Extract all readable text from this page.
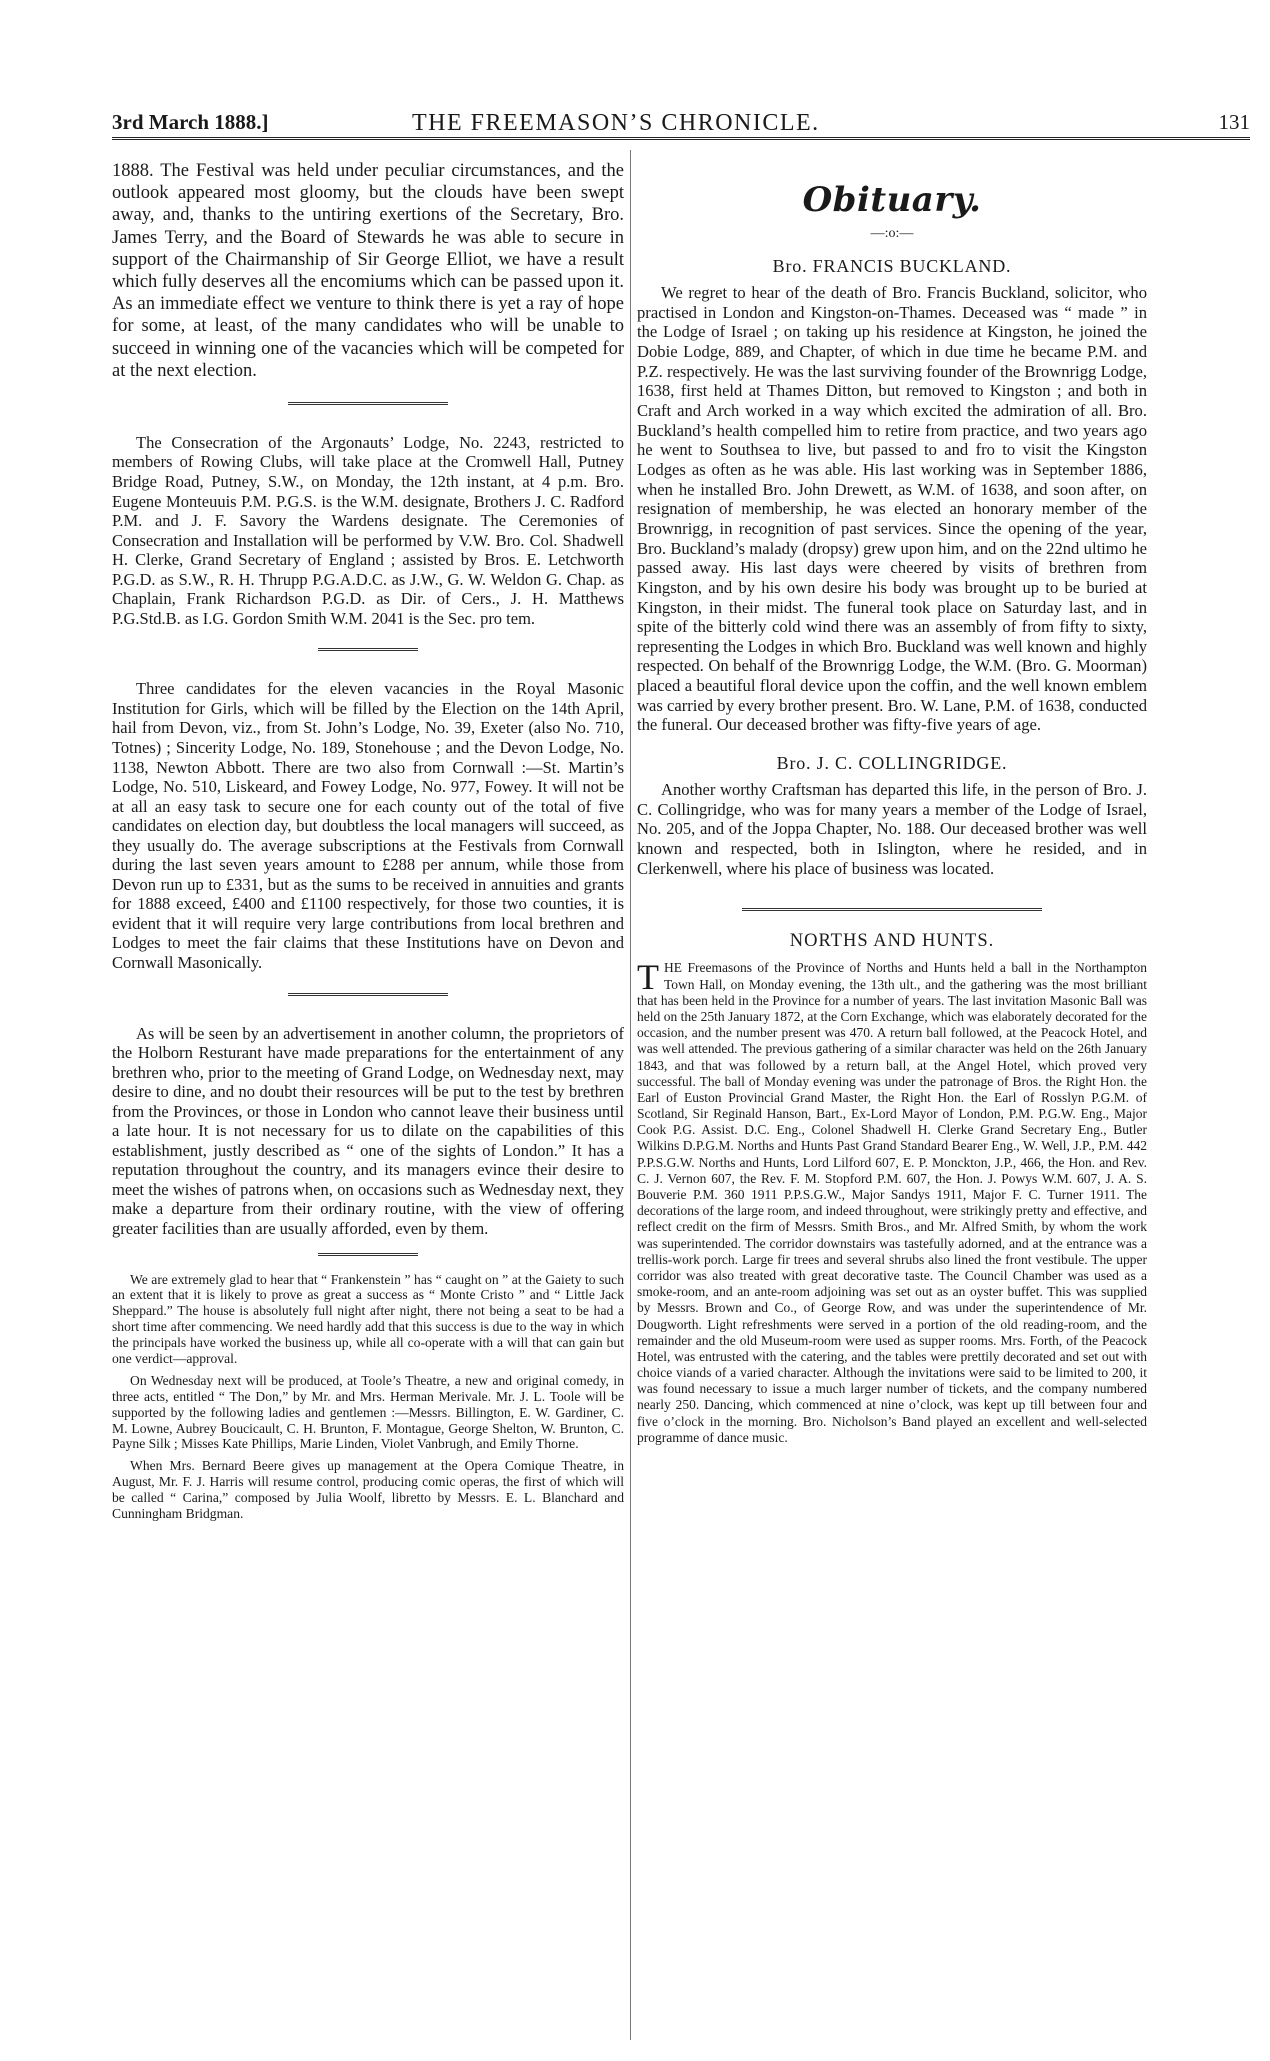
3rd March 1888.]	THE FREEMASON’S CHRONICLE.	131

1888. The Festival was held under peculiar circumstances, and the outlook appeared most gloomy, but the clouds have been swept away, and, thanks to the untiring exertions of the Secretary, Bro. James Terry, and the Board of Stewards he was able to secure in support of the Chairmanship of Sir George Elliot, we have a result which fully deserves all the encomiums which can be passed upon it. As an immediate effect we venture to think there is yet a ray of hope for some, at least, of the many candidates who will be unable to succeed in winning one of the vacancies which will be competed for at the next election.

The Consecration of the Argonauts’ Lodge, No. 2243, restricted to members of Rowing Clubs, will take place at the Cromwell Hall, Putney Bridge Road, Putney, S.W., on Monday, the 12th instant, at 4 p.m. Bro. Eugene Monteuuis P.M. P.G.S. is the W.M. designate, Brothers J. C. Radford P.M. and J. F. Savory the Wardens designate. The Ceremonies of Consecration and Installation will be performed by V.W. Bro. Col. Shadwell H. Clerke, Grand Secretary of England ; assisted by Bros. E. Letchworth P.G.D. as S.W., R. H. Thrupp P.G.A.D.C. as J.W., G. W. Weldon G. Chap. as Chaplain, Frank Richardson P.G.D. as Dir. of Cers., J. H. Matthews P.G.Std.B. as I.G. Gordon Smith W.M. 2041 is the Sec. pro tem.

Three candidates for the eleven vacancies in the Royal Masonic Institution for Girls, which will be filled by the Election on the 14th April, hail from Devon, viz., from St. John’s Lodge, No. 39, Exeter (also No. 710, Totnes) ; Sincerity Lodge, No. 189, Stonehouse ; and the Devon Lodge, No. 1138, Newton Abbott. There are two also from Cornwall :—St. Martin’s Lodge, No. 510, Liskeard, and Fowey Lodge, No. 977, Fowey. It will not be at all an easy task to secure one for each county out of the total of five candidates on election day, but doubtless the local managers will succeed, as they usually do. The average subscriptions at the Festivals from Cornwall during the last seven years amount to £288 per annum, while those from Devon run up to £331, but as the sums to be received in annuities and grants for 1888 exceed, £400 and £1100 respectively, for those two counties, it is evident that it will require very large contributions from local brethren and Lodges to meet the fair claims that these Institutions have on Devon and Cornwall Masonically.

As will be seen by an advertisement in another column, the proprietors of the Holborn Resturant have made preparations for the entertainment of any brethren who, prior to the meeting of Grand Lodge, on Wednesday next, may desire to dine, and no doubt their resources will be put to the test by brethren from the Provinces, or those in London who cannot leave their business until a late hour. It is not necessary for us to dilate on the capabilities of this establishment, justly described as “ one of the sights of London.” It has a reputation throughout the country, and its managers evince their desire to meet the wishes of patrons when, on occasions such as Wednesday next, they make a departure from their ordinary routine, with the view of offering greater facilities than are usually afforded, even by them.

We are extremely glad to hear that “ Frankenstein ” has “ caught on ” at the Gaiety to such an extent that it is likely to prove as great a success as “ Monte Cristo ” and “ Little Jack Sheppard.” The house is absolutely full night after night, there not being a seat to be had a short time after commencing. We need hardly add that this success is due to the way in which the principals have worked the business up, while all co-operate with a will that can gain but one verdict—approval.

On Wednesday next will be produced, at Toole’s Theatre, a new and original comedy, in three acts, entitled “ The Don,” by Mr. and Mrs. Herman Merivale. Mr. J. L. Toole will be supported by the following ladies and gentlemen :—Messrs. Billington, E. W. Gardiner, C. M. Lowne, Aubrey Boucicault, C. H. Brunton, F. Montague, George Shelton, W. Brunton, C. Payne Silk ; Misses Kate Phillips, Marie Linden, Violet Vanbrugh, and Emily Thorne.

When Mrs. Bernard Beere gives up management at the Opera Comique Theatre, in August, Mr. F. J. Harris will resume control, producing comic operas, the first of which will be called “ Carina,” composed by Julia Woolf, libretto by Messrs. E. L. Blanchard and Cunningham Bridgman.

Obituary.
—:o:—
Bro. FRANCIS BUCKLAND.

We regret to hear of the death of Bro. Francis Buckland, solicitor, who practised in London and Kingston-on-Thames. Deceased was “ made ” in the Lodge of Israel ; on taking up his residence at Kingston, he joined the Dobie Lodge, 889, and Chapter, of which in due time he became P.M. and P.Z. respectively. He was the last surviving founder of the Brownrigg Lodge, 1638, first held at Thames Ditton, but removed to Kingston ; and both in Craft and Arch worked in a way which excited the admiration of all. Bro. Buckland’s health compelled him to retire from practice, and two years ago he went to Southsea to live, but passed to and fro to visit the Kingston Lodges as often as he was able. His last working was in September 1886, when he installed Bro. John Drewett, as W.M. of 1638, and soon after, on resignation of membership, he was elected an honorary member of the Brownrigg, in recognition of past services. Since the opening of the year, Bro. Buckland’s malady (dropsy) grew upon him, and on the 22nd ultimo he passed away. His last days were cheered by visits of brethren from Kingston, and by his own desire his body was brought up to be buried at Kingston, in their midst. The funeral took place on Saturday last, and in spite of the bitterly cold wind there was an assembly of from fifty to sixty, representing the Lodges in which Bro. Buckland was well known and highly respected. On behalf of the Brownrigg Lodge, the W.M. (Bro. G. Moorman) placed a beautiful floral device upon the coffin, and the well known emblem was carried by every brother present. Bro. W. Lane, P.M. of 1638, conducted the funeral. Our deceased brother was fifty-five years of age.

Bro. J. C. COLLINGRIDGE.

Another worthy Craftsman has departed this life, in the person of Bro. J. C. Collingridge, who was for many years a member of the Lodge of Israel, No. 205, and of the Joppa Chapter, No. 188. Our deceased brother was well known and respected, both in Islington, where he resided, and in Clerkenwell, where his place of business was located.

NORTHS AND HUNTS.

THE Freemasons of the Province of Norths and Hunts held a ball in the Northampton Town Hall, on Monday evening, the 13th ult., and the gathering was the most brilliant that has been held in the Province for a number of years. The last invitation Masonic Ball was held on the 25th January 1872, at the Corn Exchange, which was elaborately decorated for the occasion, and the number present was 470. A return ball followed, at the Peacock Hotel, and was well attended. The previous gathering of a similar character was held on the 26th January 1843, and that was followed by a return ball, at the Angel Hotel, which proved very successful. The ball of Monday evening was under the patronage of Bros. the Right Hon. the Earl of Euston Provincial Grand Master, the Right Hon. the Earl of Rosslyn P.G.M. of Scotland, Sir Reginald Hanson, Bart., Ex-Lord Mayor of London, P.M. P.G.W. Eng., Major Cook P.G. Assist. D.C. Eng., Colonel Shadwell H. Clerke Grand Secretary Eng., Butler Wilkins D.P.G.M. Norths and Hunts Past Grand Standard Bearer Eng., W. Well, J.P., P.M. 442 P.P.S.G.W. Norths and Hunts, Lord Lilford 607, E. P. Monckton, J.P., 466, the Hon. and Rev. C. J. Vernon 607, the Rev. F. M. Stopford P.M. 607, the Hon. J. Powys W.M. 607, J. A. S. Bouverie P.M. 360 1911 P.P.S.G.W., Major Sandys 1911, Major F. C. Turner 1911. The decorations of the large room, and indeed throughout, were strikingly pretty and effective, and reflect credit on the firm of Messrs. Smith Bros., and Mr. Alfred Smith, by whom the work was superintended. The corridor downstairs was tastefully adorned, and at the entrance was a trellis-work porch. Large fir trees and several shrubs also lined the front vestibule. The upper corridor was also treated with great decorative taste. The Council Chamber was used as a smoke-room, and an ante-room adjoining was set out as an oyster buffet. This was supplied by Messrs. Brown and Co., of George Row, and was under the superintendence of Mr. Dougworth. Light refreshments were served in a portion of the old reading-room, and the remainder and the old Museum-room were used as supper rooms. Mrs. Forth, of the Peacock Hotel, was entrusted with the catering, and the tables were prettily decorated and set out with choice viands of a varied character. Although the invitations were said to be limited to 200, it was found necessary to issue a much larger number of tickets, and the company numbered nearly 250. Dancing, which commenced at nine o’clock, was kept up till between four and five o’clock in the morning. Bro. Nicholson’s Band played an excellent and well-selected programme of dance music.
